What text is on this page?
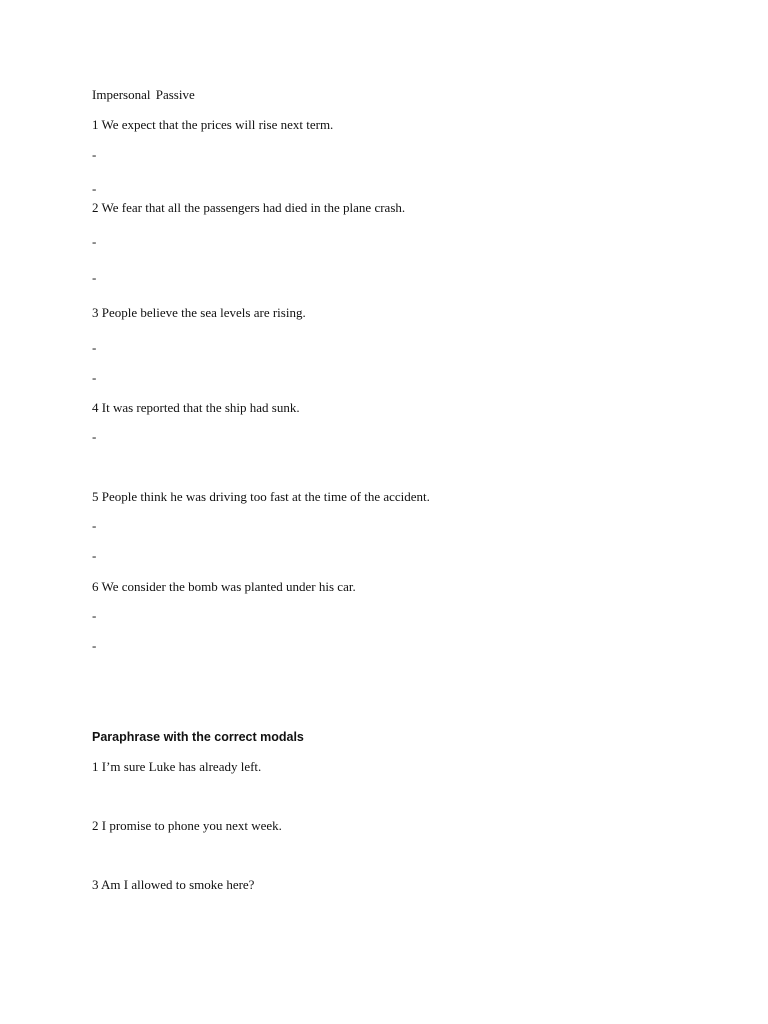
Impersonal Passive
1 We expect that the prices will rise next term.
-
-
2 We fear that all the passengers had died in the plane crash.
-
-
3 People believe the sea levels are rising.
-
-
4 It was reported that the ship had sunk.
-
5 People think he was driving too fast at the time of the accident.
-
-
6 We consider the bomb was planted under his car.
-
-
Paraphrase with the correct modals
1 I’m sure Luke has already left.
2 I promise to phone you next week.
3 Am I allowed to smoke here?
